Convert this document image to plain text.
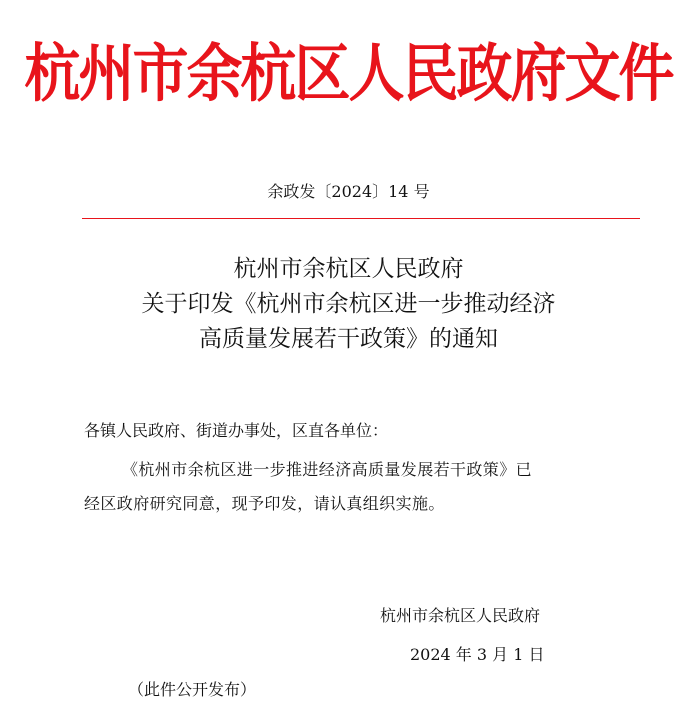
杭州市余杭区人民政府文件
余政发〔2024〕14 号
杭州市余杭区人民政府
关于印发《杭州市余杭区进一步推动经济
高质量发展若干政策》的通知
各镇人民政府、街道办事处，区直各单位：
《杭州市余杭区进一步推进经济高质量发展若干政策》已
经区政府研究同意，现予印发，请认真组织实施。
杭州市余杭区人民政府
2024 年 3 月 1 日
（此件公开发布）
